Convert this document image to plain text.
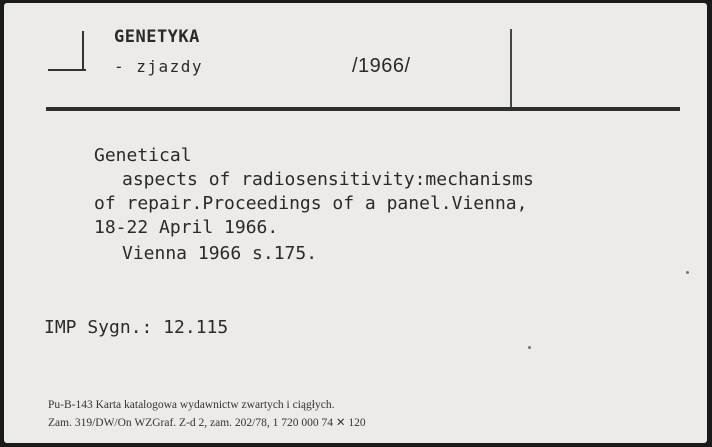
GENETYKA
- zjazdy	/1966/
Genetical
aspects of radiosensitivity:mechanisms
of repair.Proceedings of a panel.Vienna,
18-22 April 1966.
Vienna 1966 s.175.
IMP Sygn.: 12.115
Pu-B-143 Karta katalogowa wydawnictw zwartych i ciągłych.
Zam. 319/DW/On WZGraf. Z-d 2, zam. 202/78, 1 720 000 74 ✕ 120
